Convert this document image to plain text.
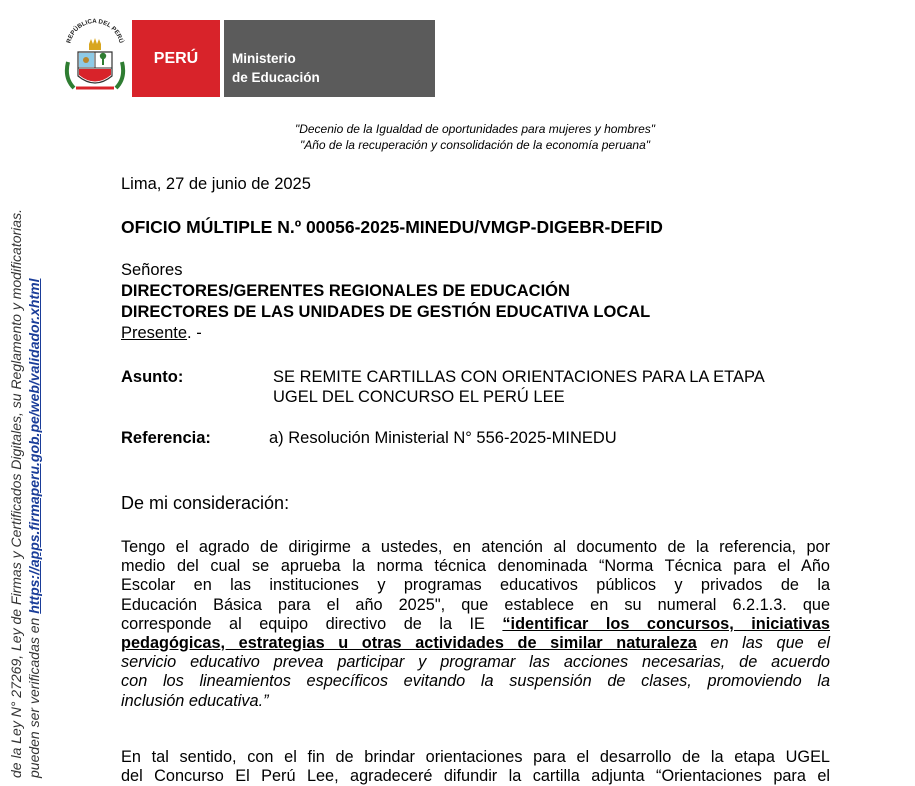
REPÚBLICA DEL PERÚ
PERÚ	Ministerio
de Educación
"Decenio de la Igualdad de oportunidades para mujeres y hombres"
"Año de la recuperación y consolidación de la economía peruana"
de la Ley N° 27269, Ley de Firmas y Certificados Digitales, su Reglamento y modificatorias. pueden ser verificadas en https://apps.firmaperu.gob.pe/web/validador.xhtml
Lima, 27 de junio de 2025
OFICIO MÚLTIPLE N.º 00056-2025-MINEDU/VMGP-DIGEBR-DEFID
Señores
DIRECTORES/GERENTES REGIONALES DE EDUCACIÓN
DIRECTORES DE LAS UNIDADES DE GESTIÓN EDUCATIVA LOCAL
Presente. -
Asunto:	SE REMITE CARTILLAS CON ORIENTACIONES PARA LA ETAPA
UGEL DEL CONCURSO EL PERÚ LEE
Referencia:	a) Resolución Ministerial N° 556-2025-MINEDU
De mi consideración:
Tengo el agrado de dirigirme a ustedes, en atención al documento de la referencia, por
medio del cual se aprueba la norma técnica denominada “Norma Técnica para el Año
Escolar en las instituciones y programas educativos públicos y privados de la
Educación Básica para el año 2025", que establece en su numeral 6.2.1.3. que
corresponde al equipo directivo de la IE “identificar los concursos, iniciativas
pedagógicas, estrategias u otras actividades de similar naturaleza en las que el
servicio educativo prevea participar y programar las acciones necesarias, de acuerdo
con los lineamientos específicos evitando la suspensión de clases, promoviendo la
inclusión educativa.”
En tal sentido, con el fin de brindar orientaciones para el desarrollo de la etapa UGEL
del Concurso El Perú Lee, agradeceré difundir la cartilla adjunta “Orientaciones para el
